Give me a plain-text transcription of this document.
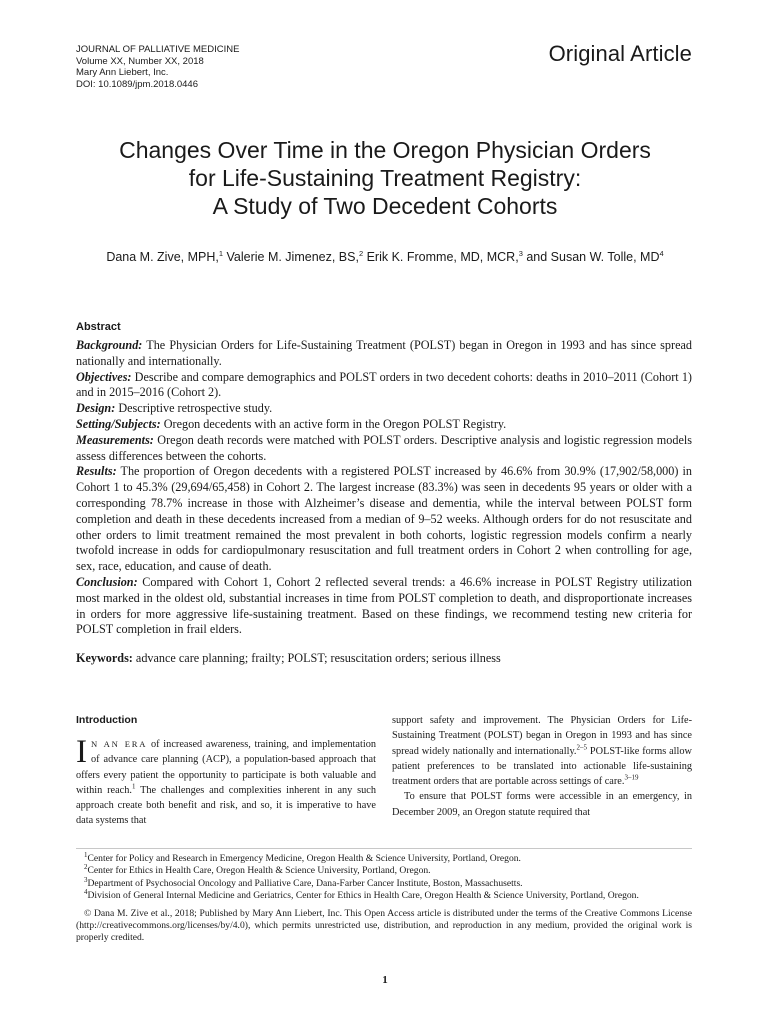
JOURNAL OF PALLIATIVE MEDICINE
Volume XX, Number XX, 2018
Mary Ann Liebert, Inc.
DOI: 10.1089/jpm.2018.0446
Original Article
Changes Over Time in the Oregon Physician Orders
for Life-Sustaining Treatment Registry:
A Study of Two Decedent Cohorts
Dana M. Zive, MPH,$^1$ Valerie M. Jimenez, BS,$^2$ Erik K. Fromme, MD, MCR,$^3$ and Susan W. Tolle, $MD^4$
Abstract

Background: The Physician Orders for Life-Sustaining Treatment (POLST) began in Oregon in 1993 and has since spread nationally and internationally.

Objectives: Describe and compare demographics and POLST orders in two decedent cohorts: deaths in 2010–2011 (Cohort 1) and in 2015–2016 (Cohort 2).

Design: Descriptive retrospective study.

Setting/Subjects: Oregon decedents with an active form in the Oregon POLST Registry.

Measurements: Oregon death records were matched with POLST orders. Descriptive analysis and logistic regression models assess differences between the cohorts.

Results: The proportion of Oregon decedents with a registered POLST increased by 46.6% from 30.9% (17,902/58,000) in Cohort 1 to 45.3% (29,694/65,458) in Cohort 2. The largest increase (83.3%) was seen in decedents 95 years or older with a corresponding 78.7% increase in those with Alzheimer’s disease and dementia, while the interval between POLST form completion and death in these decedents increased from a median of 9–52 weeks. Although orders for do not resuscitate and other orders to limit treatment remained the most prevalent in both cohorts, logistic regression models confirm a nearly twofold increase in odds for cardiopulmonary resuscitation and full treatment orders in Cohort 2 when controlling for age, sex, race, education, and cause of death.

Conclusion: Compared with Cohort 1, Cohort 2 reflected several trends: a 46.6% increase in POLST Registry utilization most marked in the oldest old, substantial increases in time from POLST completion to death, and disproportionate increases in orders for more aggressive life-sustaining treatment. Based on these findings, we recommend testing new criteria for POLST completion in frail elders.

Keywords: advance care planning; frailty; POLST; resuscitation orders; serious illness
Introduction

IN AN ERA of increased awareness, training, and implementation of advance care planning (ACP), a population-based approach that offers every patient the opportunity to participate is both valuable and within reach.$^1$ The challenges and complexities inherent in any such approach create both benefit and risk, and so, it is imperative to have data systems that

support safety and improvement. The Physician Orders for Life-Sustaining Treatment (POLST) began in Oregon in 1993 and has since spread widely nationally and internationally.$^{2-5}$ POLST-like forms allow patient preferences to be translated into actionable life-sustaining treatment orders that are portable across settings of care.$^{3-19}$

To ensure that POLST forms were accessible in an emergency, in December 2009, an Oregon statute required that

$^1$Center for Policy and Research in Emergency Medicine, Oregon Health & Science University, Portland, Oregon.

$^2$Center for Ethics in Health Care, Oregon Health & Science University, Portland, Oregon.

$^3$Department of Psychosocial Oncology and Palliative Care, Dana-Farber Cancer Institute, Boston, Massachusetts.

$^4$Division of General Internal Medicine and Geriatrics, Center for Ethics in Health Care, Oregon Health & Science University, Portland, Oregon.

© Dana M. Zive et al., 2018; Published by Mary Ann Liebert, Inc. This Open Access article is distributed under the terms of the Creative Commons License (http://creativecommons.org/licenses/by/4.0), which permits unrestricted use, distribution, and reproduction in any medium, provided the original work is properly credited.

1
